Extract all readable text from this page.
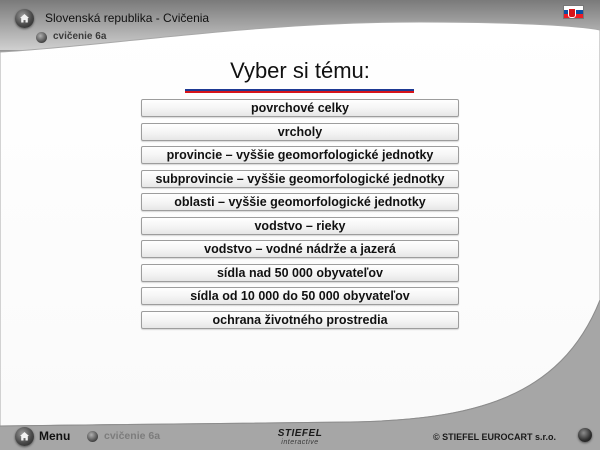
Slovenská republika - Cvičenia
cvičenie 6a
Vyber si tému:
povrchové celky
vrcholy
provincie – vyššie geomorfologické jednotky
subprovincie – vyššie geomorfologické jednotky
oblasti – vyššie geomorfologické jednotky
vodstvo – rieky
vodstvo – vodné nádrže a jazerá
sídla nad 50 000 obyvateľov
sídla od 10 000 do 50 000 obyvateľov
ochrana životného prostredia
Menu	cvičenie 6a	STIEFEL
interactive
© STIEFEL EUROCART s.r.o.
